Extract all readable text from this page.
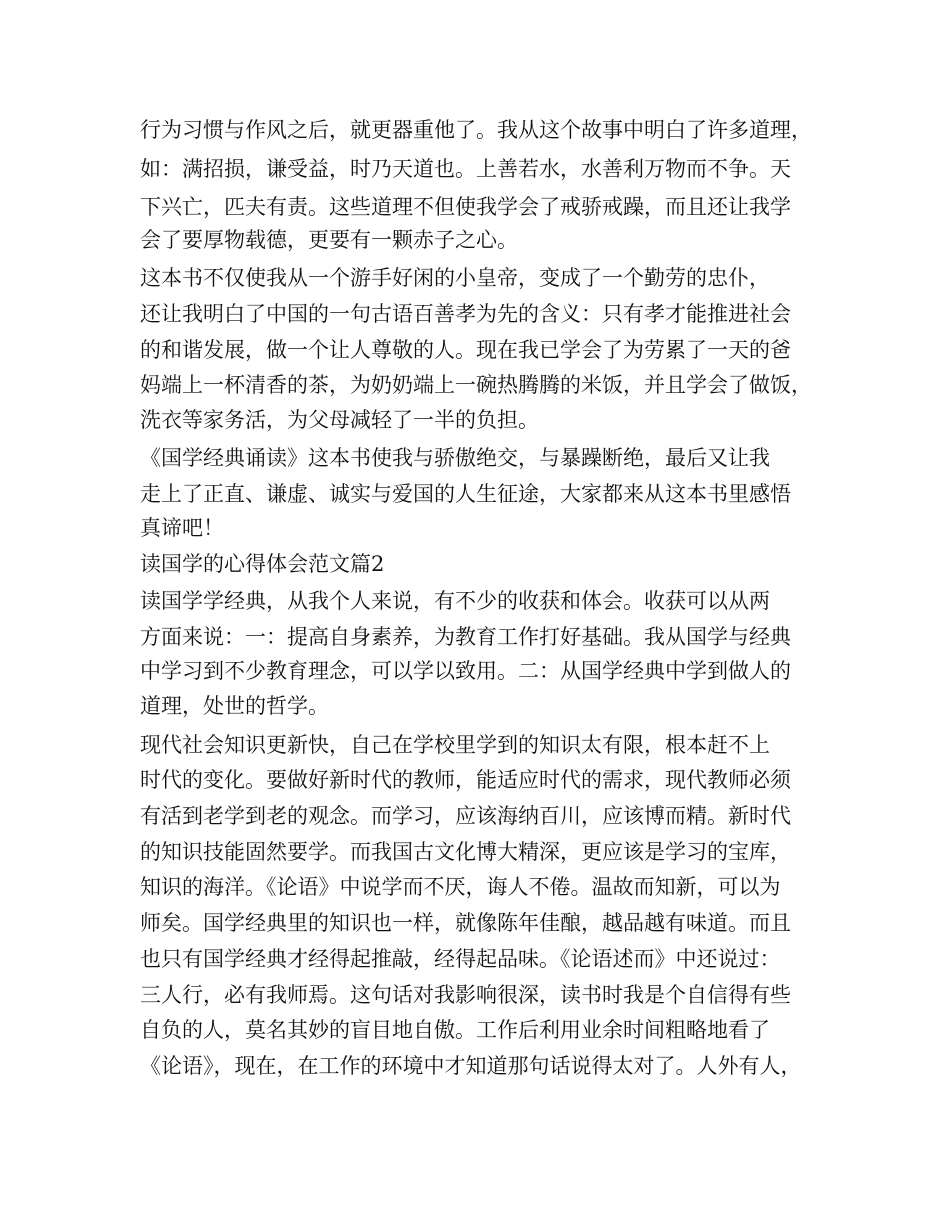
行为习惯与作风之后，就更器重他了。我从这个故事中明白了许多道理，
如：满招损，谦受益，时乃天道也。上善若水，水善利万物而不争。天
下兴亡，匹夫有责。这些道理不但使我学会了戒骄戒躁，而且还让我学
会了要厚物载德，更要有一颗赤子之心。
这本书不仅使我从一个游手好闲的小皇帝，变成了一个勤劳的忠仆，
还让我明白了中国的一句古语百善孝为先的含义：只有孝才能推进社会
的和谐发展，做一个让人尊敬的人。现在我已学会了为劳累了一天的爸
妈端上一杯清香的茶，为奶奶端上一碗热腾腾的米饭，并且学会了做饭，
洗衣等家务活，为父母减轻了一半的负担。
《国学经典诵读》这本书使我与骄傲绝交，与暴躁断绝，最后又让我
走上了正直、谦虚、诚实与爱国的人生征途，大家都来从这本书里感悟
真谛吧！
读国学的心得体会范文篇2
读国学学经典，从我个人来说，有不少的收获和体会。收获可以从两
方面来说：一：提高自身素养，为教育工作打好基础。我从国学与经典
中学习到不少教育理念，可以学以致用。二：从国学经典中学到做人的
道理，处世的哲学。
现代社会知识更新快，自己在学校里学到的知识太有限，根本赶不上
时代的变化。要做好新时代的教师，能适应时代的需求，现代教师必须
有活到老学到老的观念。而学习，应该海纳百川，应该博而精。新时代
的知识技能固然要学。而我国古文化博大精深，更应该是学习的宝库，
知识的海洋。《论语》中说学而不厌，诲人不倦。温故而知新，可以为
师矣。国学经典里的知识也一样，就像陈年佳酿，越品越有味道。而且
也只有国学经典才经得起推敲，经得起品味。《论语述而》中还说过：
三人行，必有我师焉。这句话对我影响很深，读书时我是个自信得有些
自负的人，莫名其妙的盲目地自傲。工作后利用业余时间粗略地看了
《论语》，现在，在工作的环境中才知道那句话说得太对了。人外有人，
